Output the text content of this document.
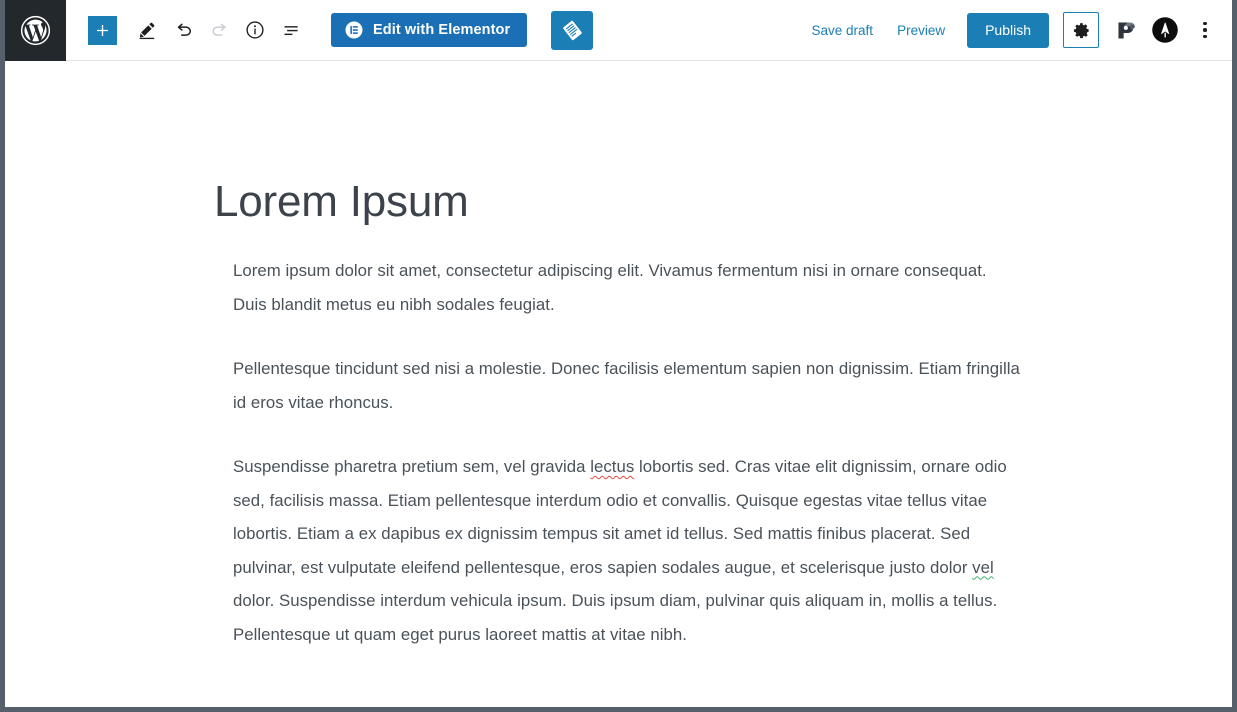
Edit with Elementor	Save draft	Preview	Publish
Lorem Ipsum

Lorem ipsum dolor sit amet, consectetur adipiscing elit. Vivamus fermentum nisi in ornare consequat. Duis blandit metus eu nibh sodales feugiat.

Pellentesque tincidunt sed nisi a molestie. Donec facilisis elementum sapien non dignissim. Etiam fringilla id eros vitae rhoncus.

Suspendisse pharetra pretium sem, vel gravida lectus lobortis sed. Cras vitae elit dignissim, ornare odio sed, facilisis massa. Etiam pellentesque interdum odio et convallis. Quisque egestas vitae tellus vitae lobortis. Etiam a ex dapibus ex dignissim tempus sit amet id tellus. Sed mattis finibus placerat. Sed pulvinar, est vulputate eleifend pellentesque, eros sapien sodales augue, et scelerisque justo dolor vel dolor. Suspendisse interdum vehicula ipsum. Duis ipsum diam, pulvinar quis aliquam in, mollis a tellus. Pellentesque ut quam eget purus laoreet mattis at vitae nibh.
